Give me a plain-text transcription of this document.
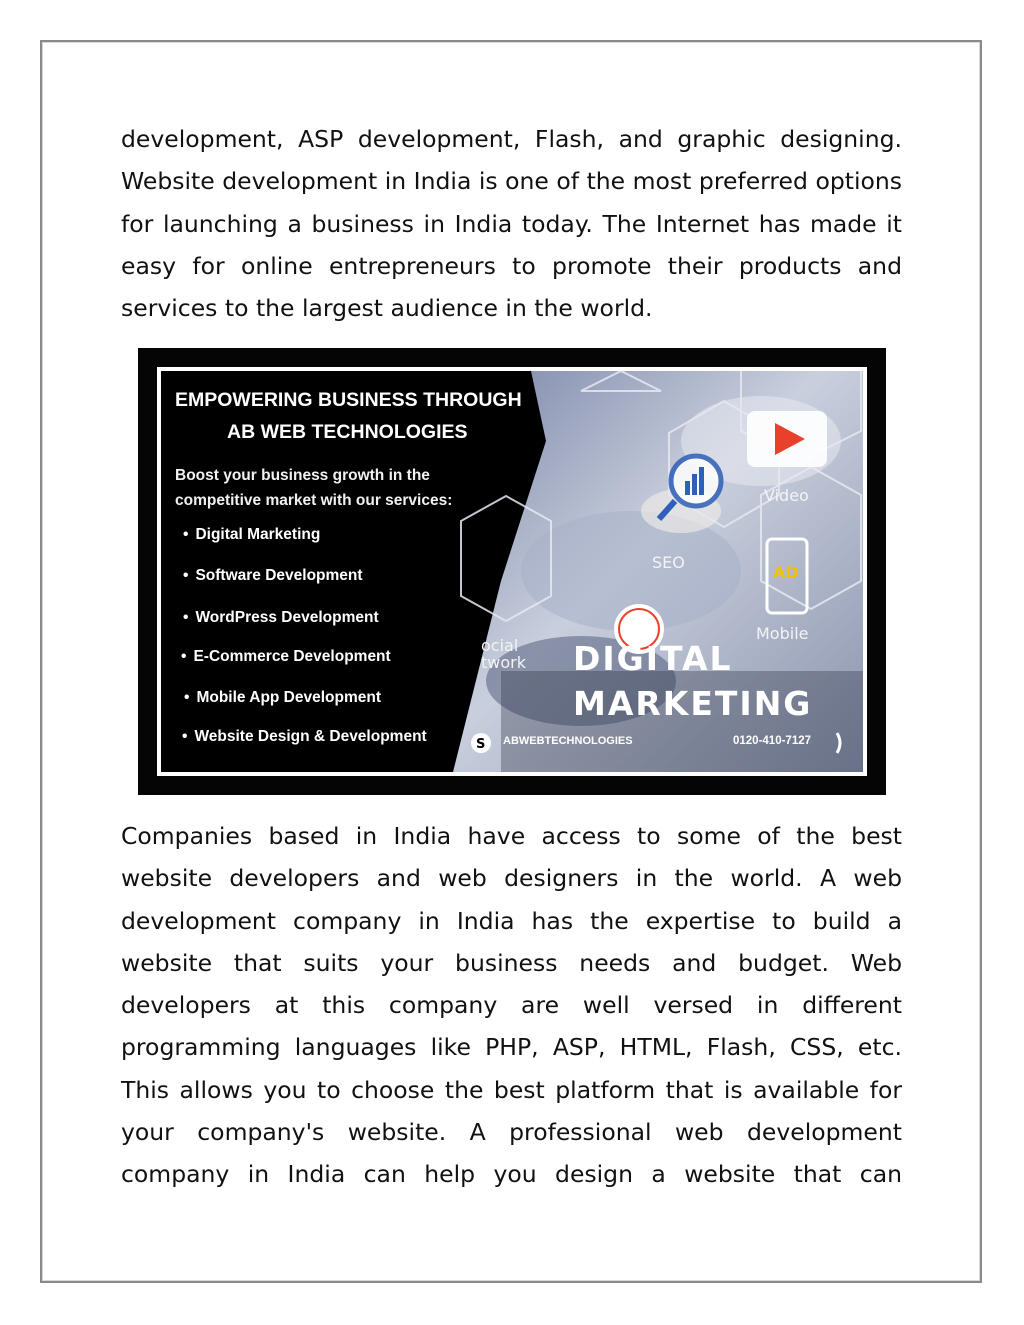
development, ASP development, Flash, and graphic designing. Website development in India is one of the most preferred options for launching a business in India today. The Internet has made it easy for online entrepreneurs to promote their products and services to the largest audience in the world.

S

EMPOWERING BUSINESS THROUGH

AB WEB TECHNOLOGIES

Boost your business growth in the competitive market with our services:

• Digital Marketing
• Software Development
• WordPress Development
• E-Commerce Development
• Mobile App Development
• Website Design & Development

Video

SEO

Mobile

ocial
twork

AD

AB

DIGITAL

MARKETING

ABWEBTECHNOLOGIES	0120-410-7127

Companies based in India have access to some of the best website developers and web designers in the world. A web development company in India has the expertise to build a website that suits your business needs and budget. Web developers at this company are well versed in different programming languages like PHP, ASP, HTML, Flash, CSS, etc. This allows you to choose the best platform that is available for your company's website. A professional web development company in India can help you design a website that can
